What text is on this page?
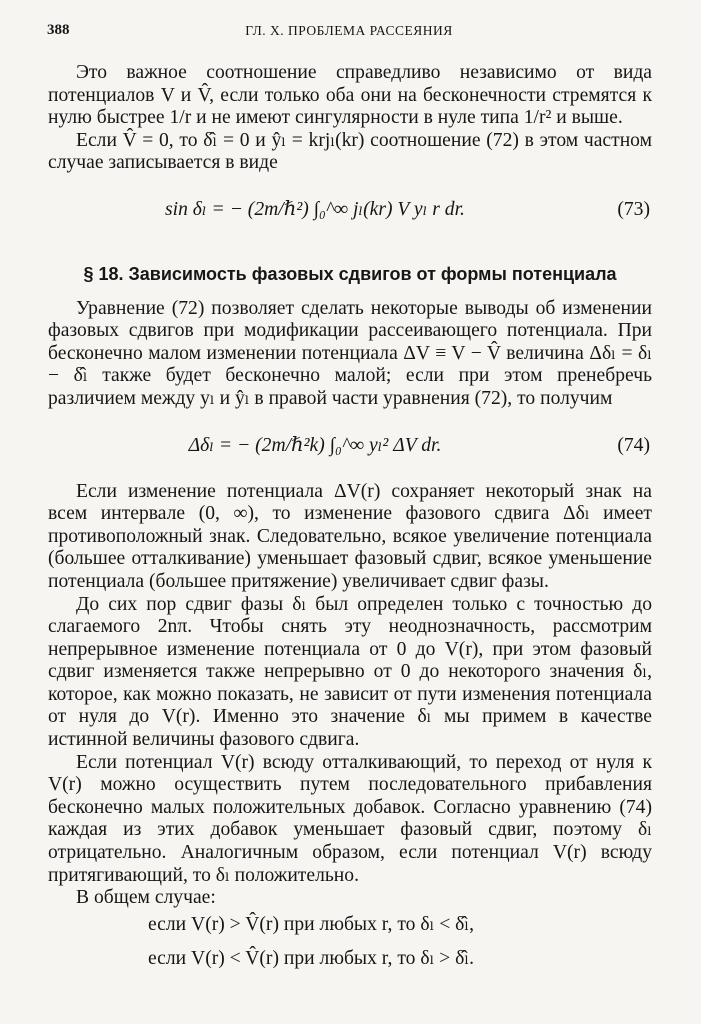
388	ГЛ. X. ПРОБЛЕМА РАССЕЯНИЯ

Это важное соотношение справедливо независимо от вида потенциалов V и V̂, если только оба они на бесконечности стремятся к нулю быстрее 1/r и не имеют сингулярности в нуле типа 1/r² и выше.

Если V̂ = 0, то δ̂ₗ = 0 и ŷₗ = krjₗ(kr) соотношение (72) в этом частном случае записывается в виде

sin δₗ = − (2m/ℏ²) ∫₀^∞ jₗ(kr) V yₗ r dr.	(73)
§ 18. Зависимость фазовых сдвигов от формы потенциала

Уравнение (72) позволяет сделать некоторые выводы об изменении фазовых сдвигов при модификации рассеивающего потенциала. При бесконечно малом изменении потенциала ΔV ≡ V − V̂ величина Δδₗ = δₗ − δ̂ₗ также будет бесконечно малой; если при этом пренебречь различием между yₗ и ŷₗ в правой части уравнения (72), то получим

Δδₗ = − (2m/ℏ²k) ∫₀^∞ yₗ² ΔV dr.	(74)

Если изменение потенциала ΔV(r) сохраняет некоторый знак на всем интервале (0, ∞), то изменение фазового сдвига Δδₗ имеет противоположный знак. Следовательно, всякое увеличение потенциала (большее отталкивание) уменьшает фазовый сдвиг, всякое уменьшение потенциала (большее притяжение) увеличивает сдвиг фазы.

До сих пор сдвиг фазы δₗ был определен только с точностью до слагаемого 2nπ. Чтобы снять эту неоднозначность, рассмотрим непрерывное изменение потенциала от 0 до V(r), при этом фазовый сдвиг изменяется также непрерывно от 0 до некоторого значения δₗ, которое, как можно показать, не зависит от пути изменения потенциала от нуля до V(r). Именно это значение δₗ мы примем в качестве истинной величины фазового сдвига.

Если потенциал V(r) всюду отталкивающий, то переход от нуля к V(r) можно осуществить путем последовательного прибавления бесконечно малых положительных добавок. Согласно уравнению (74) каждая из этих добавок уменьшает фазовый сдвиг, поэтому δₗ отрицательно. Аналогичным образом, если потенциал V(r) всюду притягивающий, то δₗ положительно.

В общем случае:

если V(r) > V̂(r) при любых r, то δₗ < δ̂ₗ,
если V(r) < V̂(r) при любых r, то δₗ > δ̂ₗ.
